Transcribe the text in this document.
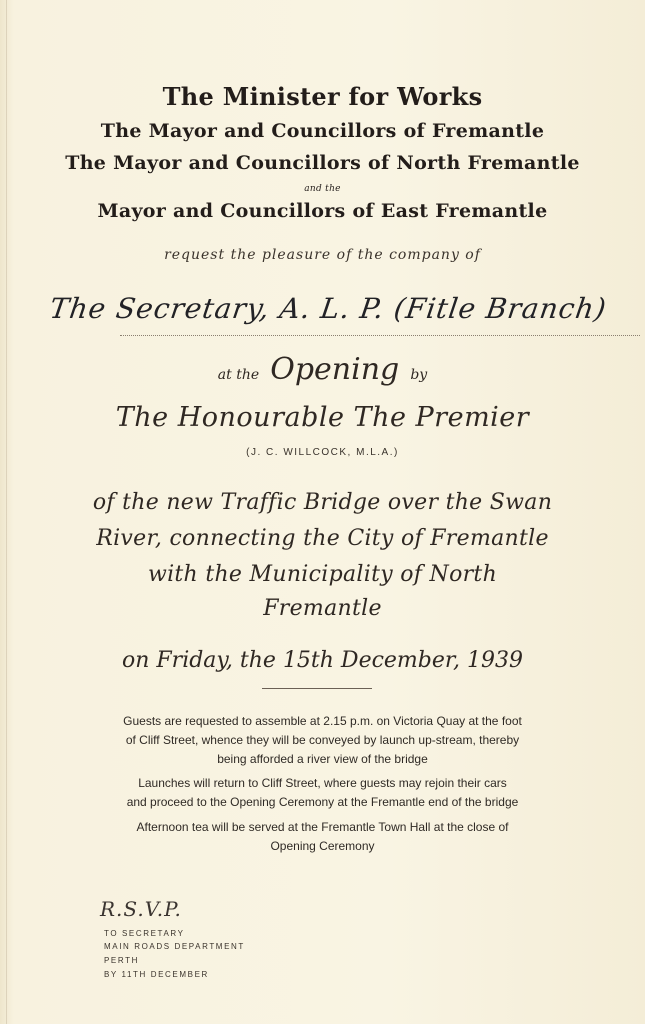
The Minister for Works

The Mayor and Councillors of Fremantle

The Mayor and Councillors of North Fremantle

and the

Mayor and Councillors of East Fremantle

request the pleasure of the company of

The Secretary, A. L. P. (Fitle Branch)

at the Opening by

The Honourable The Premier

(J. C. WILLCOCK, M.L.A.)

of the new Traffic Bridge over the Swan

River, connecting the City of Fremantle

with the Municipality of North

Fremantle

on Friday, the 15th December, 1939

Guests are requested to assemble at 2.15 p.m. on Victoria Quay at the foot
of Cliff Street, whence they will be conveyed by launch up-stream, thereby
being afforded a river view of the bridge
Launches will return to Cliff Street, where guests may rejoin their cars
and proceed to the Opening Ceremony at the Fremantle end of the bridge
Afternoon tea will be served at the Fremantle Town Hall at the close of
Opening Ceremony
R.S.V.P.
TO SECRETARY
MAIN ROADS DEPARTMENT
PERTH
BY 11TH DECEMBER
